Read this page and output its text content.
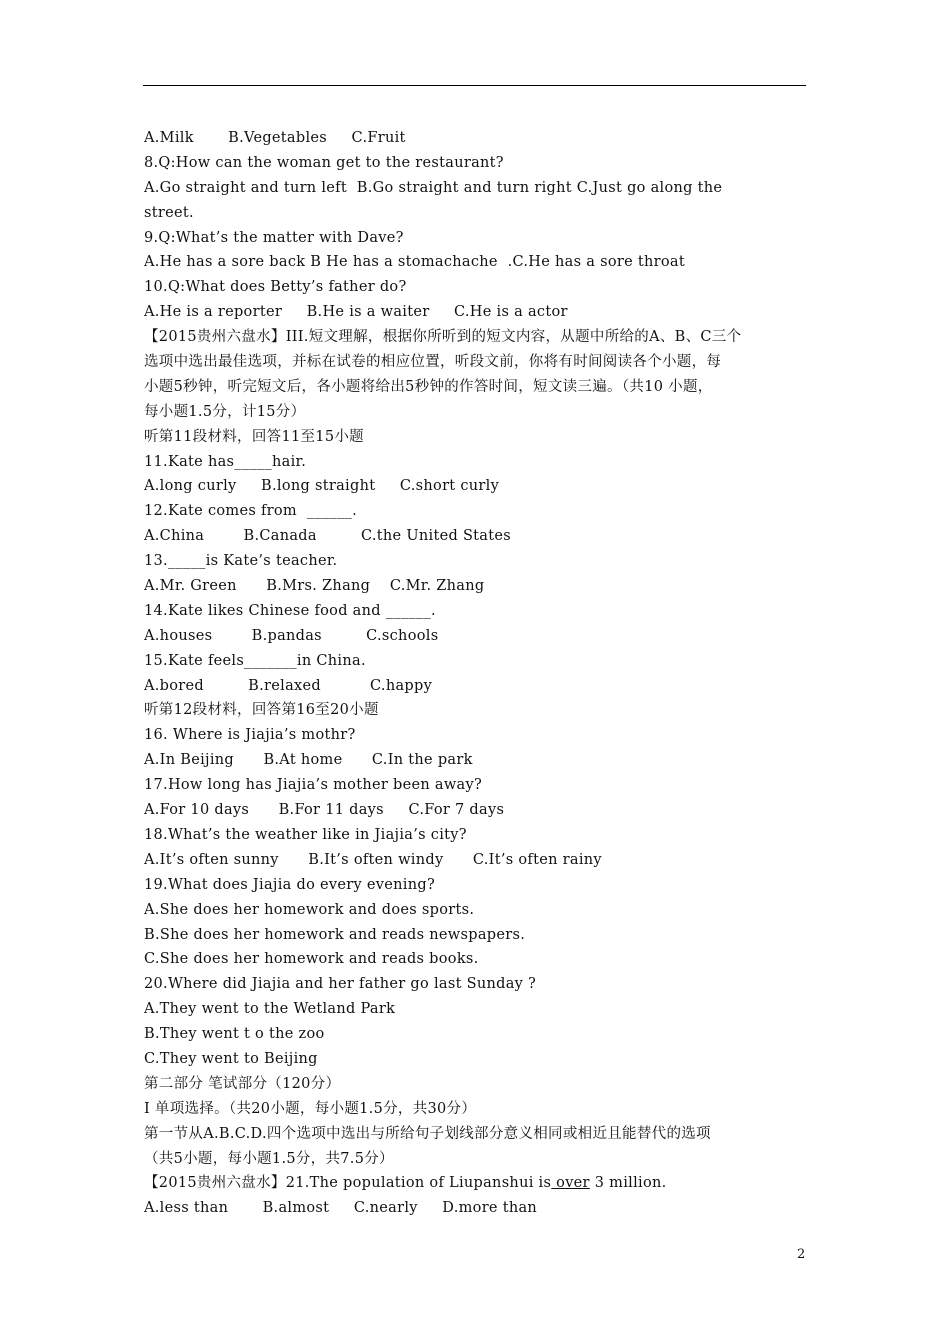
A.Milk       B.Vegetables     C.Fruit
8.Q:How can the woman get to the restaurant?
A.Go straight and turn left  B.Go straight and turn right C.Just go along the
street.
9.Q:What’s the matter with Dave?
A.He has a sore back B He has a stomachache  .C.He has a sore throat
10.Q:What does Betty’s father do?
A.He is a reporter     B.He is a waiter     C.He is a actor
【2015贵州六盘水】III.短文理解，根据你所听到的短文内容，从题中所给的A、B、C三个
选项中选出最佳选项，并标在试卷的相应位置，听段文前，你将有时间阅读各个小题，每
小题5秒钟，听完短文后，各小题将给出5秒钟的作答时间，短文读三遍。（共10 小题，
每小题1.5分，计15分）
听第11段材料，回答11至15小题
11.Kate has_____hair.
A.long curly     B.long straight     C.short curly
12.Kate comes from  ______.
A.China        B.Canada         C.the United States
13._____is Kate’s teacher.
A.Mr. Green      B.Mrs. Zhang    C.Mr. Zhang
14.Kate likes Chinese food and ______.
A.houses        B.pandas         C.schools
15.Kate feels_______in China.
A.bored         B.relaxed          C.happy
听第12段材料，回答第16至20小题
16. Where is Jiajia’s mothr?
A.In Beijing      B.At home      C.In the park
17.How long has Jiajia’s mother been away?
A.For 10 days      B.For 11 days     C.For 7 days
18.What’s the weather like in Jiajia’s city?
A.It’s often sunny      B.It’s often windy      C.It’s often rainy
19.What does Jiajia do every evening?
A.She does her homework and does sports.
B.She does her homework and reads newspapers.
C.She does her homework and reads books.
20.Where did Jiajia and her father go last Sunday ?
A.They went to the Wetland Park
B.They went t o the zoo
C.They went to Beijing
第二部分 笔试部分（120分）
I 单项选择。（共20小题，每小题1.5分，共30分）
第一节从A.B.C.D.四个选项中选出与所给句子划线部分意义相同或相近且能替代的选项
（共5小题，每小题1.5分，共7.5分）
【2015贵州六盘水】21.The population of Liupanshui is over 3 million.
A.less than       B.almost     C.nearly     D.more than
2
